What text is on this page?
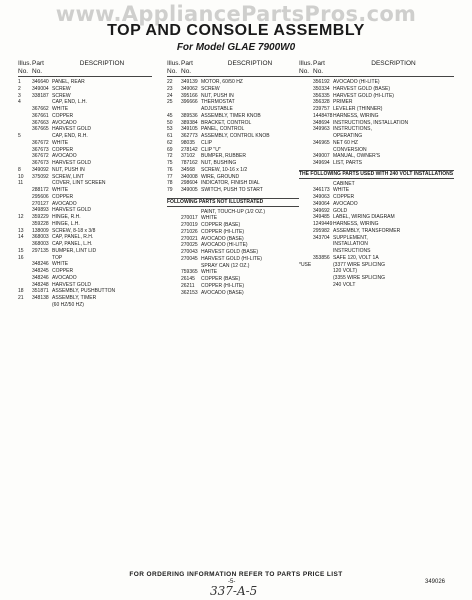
www.AppliancePartsPros.com
TOP AND CONSOLE ASSEMBLY
For Model GLAE 7900W0
Illus. No.
Part No.
DESCRIPTION
1	346640 PANEL, REAR
2	349004 SCREW
3	338187 SCREW
4	CAP, END, L.H.
367662 WHITE
367661 COPPER
367663 AVOCADO
367665 HARVEST GOLD
5	CAP, END, R.H.
367672 WHITE
367673 COPPER
367672 AVOCADO
367673 HARVEST GOLD
8	349092 NUT, PUSH IN
10	375092 SCREW, LINT
11	COVER, LINT SCREEN
288172 WHITE
295606 COPPER
270127 AVOCADO
349893 HARVEST GOLD
12	359229 HINGE, R.H.
359228 HINGE, L.H.
13	138009 SCREW, 8-18 x 3/8
14	368003 CAP, PANEL, R.H.
368003 CAP, PANEL, L.H.
15	297135 BUMPER, LINT LID
16	TOP
348246 WHITE
348245 COPPER
348246 AVOCADO
348248 HARVEST GOLD
18	351871 ASSEMBLY, PUSHBUTTON
21	348138 ASSEMBLY, TIMER
(60 HZ/50 HZ)
Illus. No.
Part No.
DESCRIPTION
22	349139 MOTOR, 60/50 HZ
23	349062 SCREW
24	395166 NUT, PUSH IN
25	396666 THERMOSTAT
ADJUSTABLE
45	389536 ASSEMBLY, TIMER KNOB
50	389384 BRACKET, CONTROL
53	349105 PANEL, CONTROL
61	362773 ASSEMBLY, CONTROL KNOB
62	98035	CLIP
69	278142 CLIP "U"
72	37102	BUMPER, RUBBER
75	787162 NUT, BUSHING
76	34568	SCREW, 10-16 x 1/2
77	340008 WIRE, GROUND
78	298604 INDICATOR, FINISH DIAL
79	349005 SWITCH, PUSH TO START
FOLLOWING PARTS NOT ILLUSTRATED
PAINT, TOUCH-UP (1/2 OZ.)
270017 WHITE
270019 COPPER (BASE)
271026 COPPER (HI-LITE)
270021 AVOCADO (BASE)
270025 AVOCADO (HI-LITE)
270043 HARVEST GOLD (BASE)
270045 HARVEST GOLD (HI-LITE)
SPRAY CAN (12 OZ.)
759365 WHITE
26145	COPPER (BASE)
26211	COPPER (HI-LITE)
362153 AVOCADO (BASE)
Illus. No.
Part No.
DESCRIPTION
356192 AVOCADO (HI-LITE)
350334 HARVEST GOLD (BASE)
356335 HARVEST GOLD (HI-LITE)
356328 PRIMER
239757 LEVELER (THINNER)
1448478 HARNESS, WIRING
348694 INSTRUCTIONS, INSTALLATION
349963 INSTRUCTIONS,
OPERATING
346965 NET 60 HZ
CONVERSION
349007 MANUAL, OWNER'S
349694 LIST, PARTS
THE FOLLOWING PARTS USED WITH 240 VOLT INSTALLATIONS
CABINET
346173 WHITE
349063 COPPER
349064 AVOCADO
349692 GOLD
349485 LABEL, WIRING DIAGRAM
1249449 HARNESS, WIRING
295982 ASSEMBLY, TRANSFORMER
343704 SUPPLEMENT,
INSTALLATION
INSTRUCTIONS
353856 SAFE 120, VOLT 1A
*USE	(3377 WIRE SPLICING
120 VOLT)
(3355 WIRE SPLICING
240 VOLT
FOR ORDERING INFORMATION REFER TO PARTS PRICE LIST
349026
-5-
337-A-5
